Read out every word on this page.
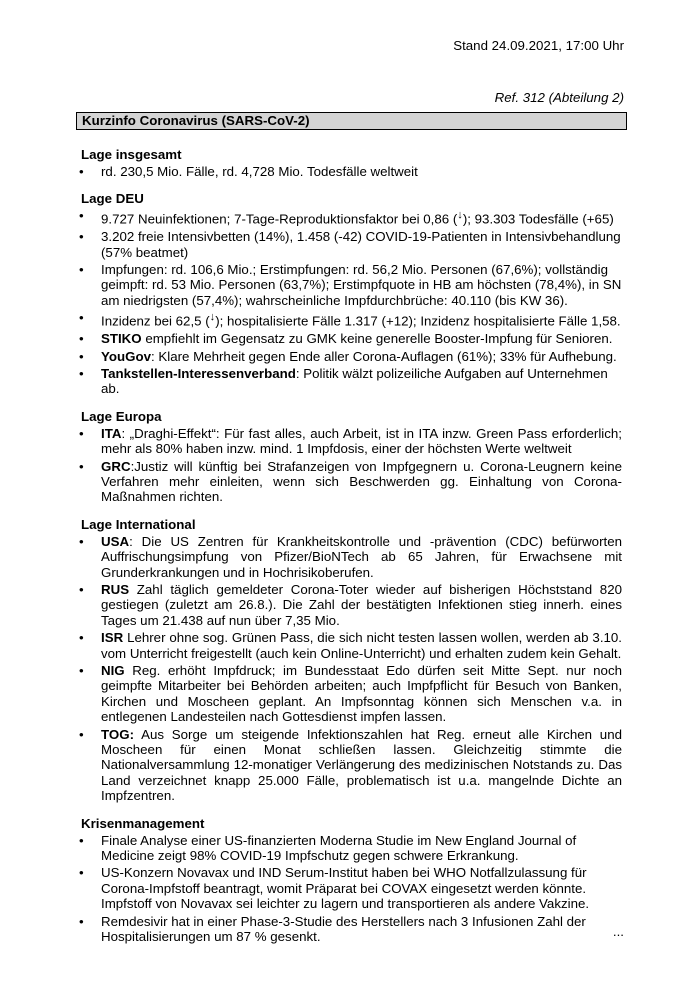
Stand 24.09.2021, 17:00 Uhr
Ref. 312 (Abteilung 2)
Kurzinfo Coronavirus (SARS-CoV-2)
Lage insgesamt
• rd. 230,5 Mio. Fälle, rd. 4,728 Mio. Todesfälle weltweit
Lage DEU
• 9.727 Neuinfektionen; 7-Tage-Reproduktionsfaktor bei 0,86 (↓); 93.303 Todesfälle (+65)
• 3.202 freie Intensivbetten (14%), 1.458 (-42) COVID-19-Patienten in Intensivbehandlung (57% beatmet)
• Impfungen: rd. 106,6 Mio.; Erstimpfungen: rd. 56,2 Mio. Personen (67,6%); vollständig geimpft: rd. 53 Mio. Personen (63,7%); Erstimpfquote in HB am höchsten (78,4%), in SN am niedrigsten (57,4%); wahrscheinliche Impfdurchbrüche: 40.110 (bis KW 36).
• Inzidenz bei 62,5 (↓); hospitalisierte Fälle 1.317 (+12); Inzidenz hospitalisierte Fälle 1,58.
• STIKO empfiehlt im Gegensatz zu GMK keine generelle Booster-Impfung für Senioren.
• YouGov: Klare Mehrheit gegen Ende aller Corona-Auflagen (61%); 33% für Aufhebung.
• Tankstellen-Interessenverband: Politik wälzt polizeiliche Aufgaben auf Unternehmen ab.
Lage Europa
• ITA: „Draghi-Effekt“: Für fast alles, auch Arbeit, ist in ITA inzw. Green Pass erforderlich; mehr als 80% haben inzw. mind. 1 Impfdosis, einer der höchsten Werte weltweit
• GRC:Justiz will künftig bei Strafanzeigen von Impfgegnern u. Corona-Leugnern keine Verfahren mehr einleiten, wenn sich Beschwerden gg. Einhaltung von Corona-Maßnahmen richten.
Lage International
• USA: Die US Zentren für Krankheitskontrolle und -prävention (CDC) befürworten Auffrischungsimpfung von Pfizer/BioNTech ab 65 Jahren, für Erwachsene mit Grunderkrankungen und in Hochrisikoberufen.
• RUS Zahl täglich gemeldeter Corona-Toter wieder auf bisherigen Höchststand 820 gestiegen (zuletzt am 26.8.). Die Zahl der bestätigten Infektionen stieg innerh. eines Tages um 21.438 auf nun über 7,35 Mio.
• ISR Lehrer ohne sog. Grünen Pass, die sich nicht testen lassen wollen, werden ab 3.10. vom Unterricht freigestellt (auch kein Online-Unterricht) und erhalten zudem kein Gehalt.
• NIG Reg. erhöht Impfdruck; im Bundesstaat Edo dürfen seit Mitte Sept. nur noch geimpfte Mitarbeiter bei Behörden arbeiten; auch Impfpflicht für Besuch von Banken, Kirchen und Moscheen geplant. An Impfsonntag können sich Menschen v.a. in entlegenen Landesteilen nach Gottesdienst impfen lassen.
• TOG: Aus Sorge um steigende Infektionszahlen hat Reg. erneut alle Kirchen und Moscheen für einen Monat schließen lassen. Gleichzeitig stimmte die Nationalversammlung 12-monatiger Verlängerung des medizinischen Notstands zu. Das Land verzeichnet knapp 25.000 Fälle, problematisch ist u.a. mangelnde Dichte an Impfzentren.
Krisenmanagement
• Finale Analyse einer US-finanzierten Moderna Studie im New England Journal of Medicine zeigt 98% COVID-19 Impfschutz gegen schwere Erkrankung.
• US-Konzern Novavax und IND Serum-Institut haben bei WHO Notfallzulassung für Corona-Impfstoff beantragt, womit Präparat bei COVAX eingesetzt werden könnte. Impfstoff von Novavax sei leichter zu lagern und transportieren als andere Vakzine.
• Remdesivir hat in einer Phase-3-Studie des Herstellers nach 3 Infusionen Zahl der Hospitalisierungen um 87 % gesenkt.	...
